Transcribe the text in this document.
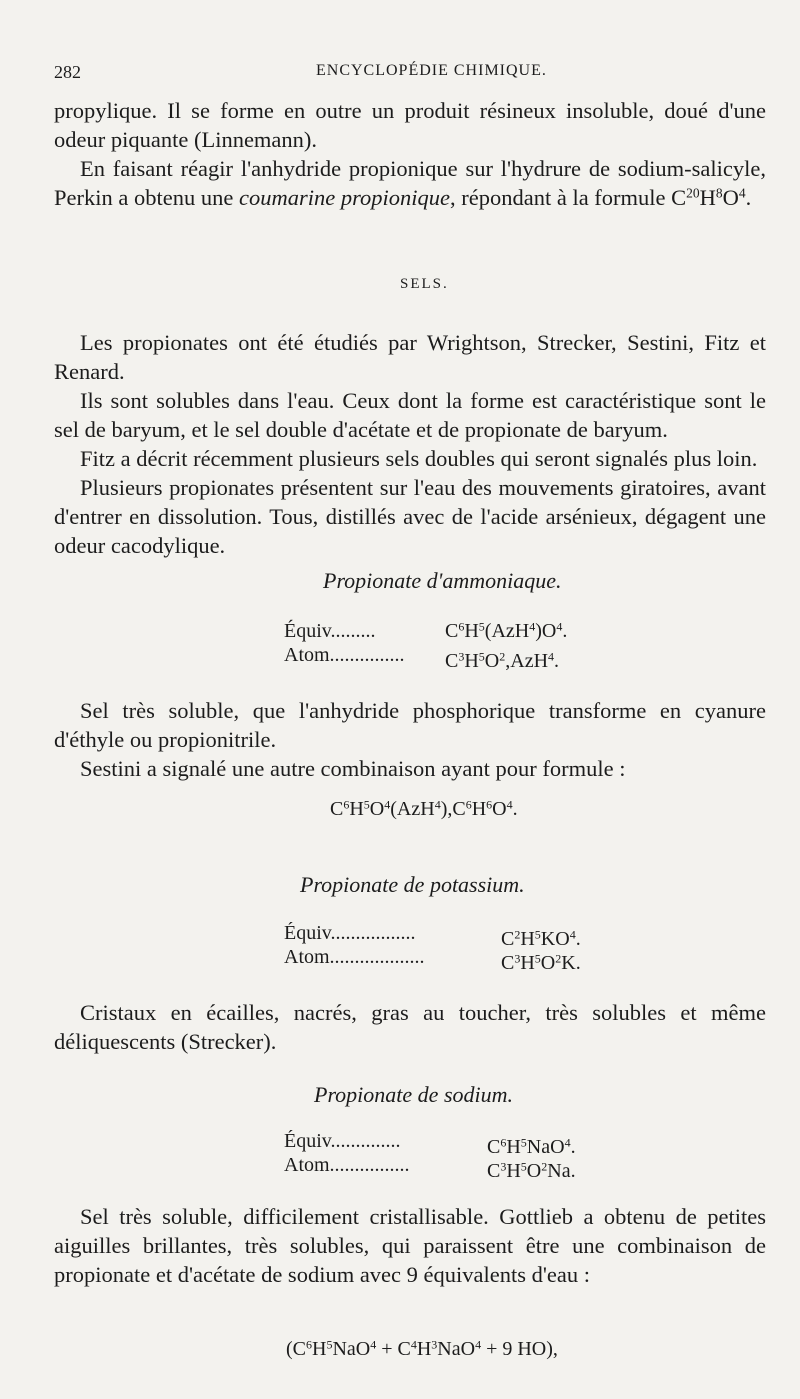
282	ENCYCLOPÉDIE CHIMIQUE.

propylique. Il se forme en outre un produit résineux insoluble, doué d'une odeur piquante (Linnemann).

En faisant réagir l'anhydride propionique sur l'hydrure de sodium-salicyle, Perkin a obtenu une coumarine propionique, répondant à la formule $C^{20}H^8O^4$.

SELS.

Les propionates ont été étudiés par Wrightson, Strecker, Sestini, Fitz et Renard.

Ils sont solubles dans l'eau. Ceux dont la forme est caractéristique sont le sel de baryum, et le sel double d'acétate et de propionate de baryum.

Fitz a décrit récemment plusieurs sels doubles qui seront signalés plus loin.

Plusieurs propionates présentent sur l'eau des mouvements giratoires, avant d'entrer en dissolution. Tous, distillés avec de l'acide arsénieux, dégagent une odeur cacodylique.

Propionate d'ammoniaque.
Équiv.........	$C^6H^5(AzH^4)O^4$.
Atom............... $C^3H^5O^2,AzH^4$.

Sel très soluble, que l'anhydride phosphorique transforme en cyanure d'éthyle ou propionitrile.

Sestini a signalé une autre combinaison ayant pour formule :

$C^6H^5O^4(AzH^4),C^6H^6O^4$.
Propionate de potassium.
Équiv.................	$C^2H^5KO^4$.
Atom...................	$C^3H^5O^2K$.

Cristaux en écailles, nacrés, gras au toucher, très solubles et même déliquescents (Strecker).

Propionate de sodium.
Équiv..............	$C^6H^5NaO^4$.
Atom................	$C^3H^5O^2Na$.

Sel très soluble, difficilement cristallisable. Gottlieb a obtenu de petites aiguilles brillantes, très solubles, qui paraissent être une combinaison de propionate et d'acétate de sodium avec 9 équivalents d'eau :

($C^6H^5NaO^4 + C^4H^3NaO^4 + 9$ HO),
